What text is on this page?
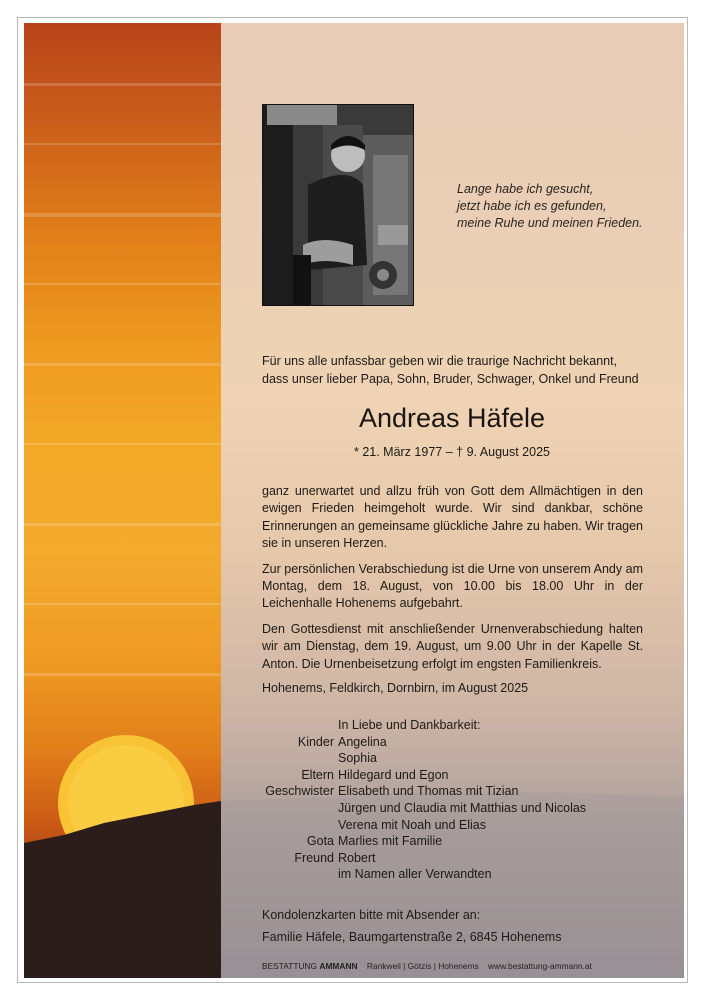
Lange habe ich gesucht,
jetzt habe ich es gefunden,
meine Ruhe und meinen Frieden.
Für uns alle unfassbar geben wir die traurige Nachricht bekannt,
dass unser lieber Papa, Sohn, Bruder, Schwager, Onkel und Freund
Andreas Häfele
* 21. März 1977 – † 9. August 2025

ganz unerwartet und allzu früh von Gott dem Allmächtigen in den ewigen Frieden heimgeholt wurde. Wir sind dankbar, schöne Erinnerungen an gemeinsame glückliche Jahre zu haben. Wir tragen sie in unseren Herzen.

Zur persönlichen Verabschiedung ist die Urne von unserem Andy am Montag, dem 18. August, von 10.00 bis 18.00 Uhr in der Leichenhalle Hohenems aufgebahrt.

Den Gottesdienst mit anschließender Urnenverabschiedung halten wir am Dienstag, dem 19. August, um 9.00 Uhr in der Kapelle St. Anton. Die Urnenbeisetzung erfolgt im engsten Familienkreis.

Hohenems, Feldkirch, Dornbirn, im August 2025
In Liebe und Dankbarkeit:
Kinder Angelina
Sophia
Eltern Hildegard und Egon
Geschwister Elisabeth und Thomas mit Tizian
Jürgen und Claudia mit Matthias und Nicolas
Verena mit Noah und Elias
Gota Marlies mit Familie
Freund Robert
im Namen aller Verwandten
Kondolenzkarten bitte mit Absender an:
Familie Häfele, Baumgartenstraße 2, 6845 Hohenems
BESTATTUNG AMMANN Rankweil | Götzis | Hohenems www.bestattung-ammann.at
